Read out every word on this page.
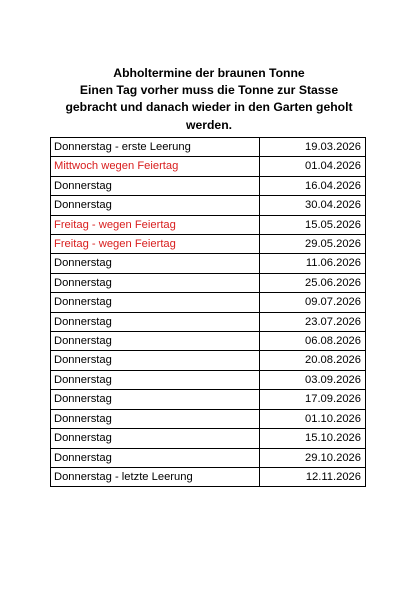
Abholtermine der braunen Tonne
Einen Tag vorher muss die Tonne zur Stasse
gebracht und danach wieder in den Garten geholt
werden.
Donnerstag - erste Leerung	19.03.2026
Mittwoch wegen Feiertag	01.04.2026
Donnerstag	16.04.2026
Donnerstag	30.04.2026
Freitag - wegen Feiertag	15.05.2026
Freitag - wegen Feiertag	29.05.2026
Donnerstag	11.06.2026
Donnerstag	25.06.2026
Donnerstag	09.07.2026
Donnerstag	23.07.2026
Donnerstag	06.08.2026
Donnerstag	20.08.2026
Donnerstag	03.09.2026
Donnerstag	17.09.2026
Donnerstag	01.10.2026
Donnerstag	15.10.2026
Donnerstag	29.10.2026
Donnerstag - letzte Leerung	12.11.2026
